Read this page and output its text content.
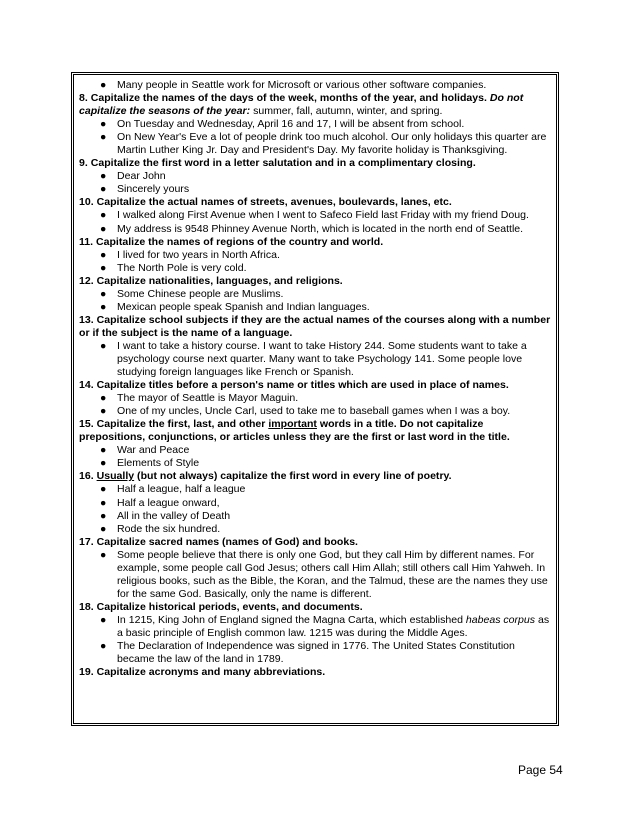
● Many people in Seattle work for Microsoft or various other software companies.

8. Capitalize the names of the days of the week, months of the year, and holidays. Do not capitalize the seasons of the year: summer, fall, autumn, winter, and spring.

● On Tuesday and Wednesday, April 16 and 17, I will be absent from school.
● On New Year's Eve a lot of people drink too much alcohol. Our only holidays this quarter are Martin Luther King Jr. Day and President's Day. My favorite holiday is Thanksgiving.

9. Capitalize the first word in a letter salutation and in a complimentary closing.

● Dear John
● Sincerely yours

10. Capitalize the actual names of streets, avenues, boulevards, lanes, etc.

● I walked along First Avenue when I went to Safeco Field last Friday with my friend Doug.
● My address is 9548 Phinney Avenue North, which is located in the north end of Seattle.

11. Capitalize the names of regions of the country and world.

● I lived for two years in North Africa.
● The North Pole is very cold.

12. Capitalize nationalities, languages, and religions.

● Some Chinese people are Muslims.
● Mexican people speak Spanish and Indian languages.

13. Capitalize school subjects if they are the actual names of the courses along with a number or if the subject is the name of a language.

● I want to take a history course. I want to take History 244. Some students want to take a psychology course next quarter. Many want to take Psychology 141. Some people love studying foreign languages like French or Spanish.

14. Capitalize titles before a person's name or titles which are used in place of names.

● The mayor of Seattle is Mayor Maguin.
● One of my uncles, Uncle Carl, used to take me to baseball games when I was a boy.

15. Capitalize the first, last, and other important words in a title. Do not capitalize prepositions, conjunctions, or articles unless they are the first or last word in the title.

● War and Peace
● Elements of Style

16. Usually (but not always) capitalize the first word in every line of poetry.

● Half a league, half a league
● Half a league onward,
● All in the valley of Death
● Rode the six hundred.

17. Capitalize sacred names (names of God) and books.

● Some people believe that there is only one God, but they call Him by different names. For example, some people call God Jesus; others call Him Allah; still others call Him Yahweh. In religious books, such as the Bible, the Koran, and the Talmud, these are the names they use for the same God. Basically, only the name is different.

18. Capitalize historical periods, events, and documents.

● In 1215, King John of England signed the Magna Carta, which established habeas corpus as a basic principle of English common law. 1215 was during the Middle Ages.
● The Declaration of Independence was signed in 1776. The United States Constitution became the law of the land in 1789.

19. Capitalize acronyms and many abbreviations.

Page 54
